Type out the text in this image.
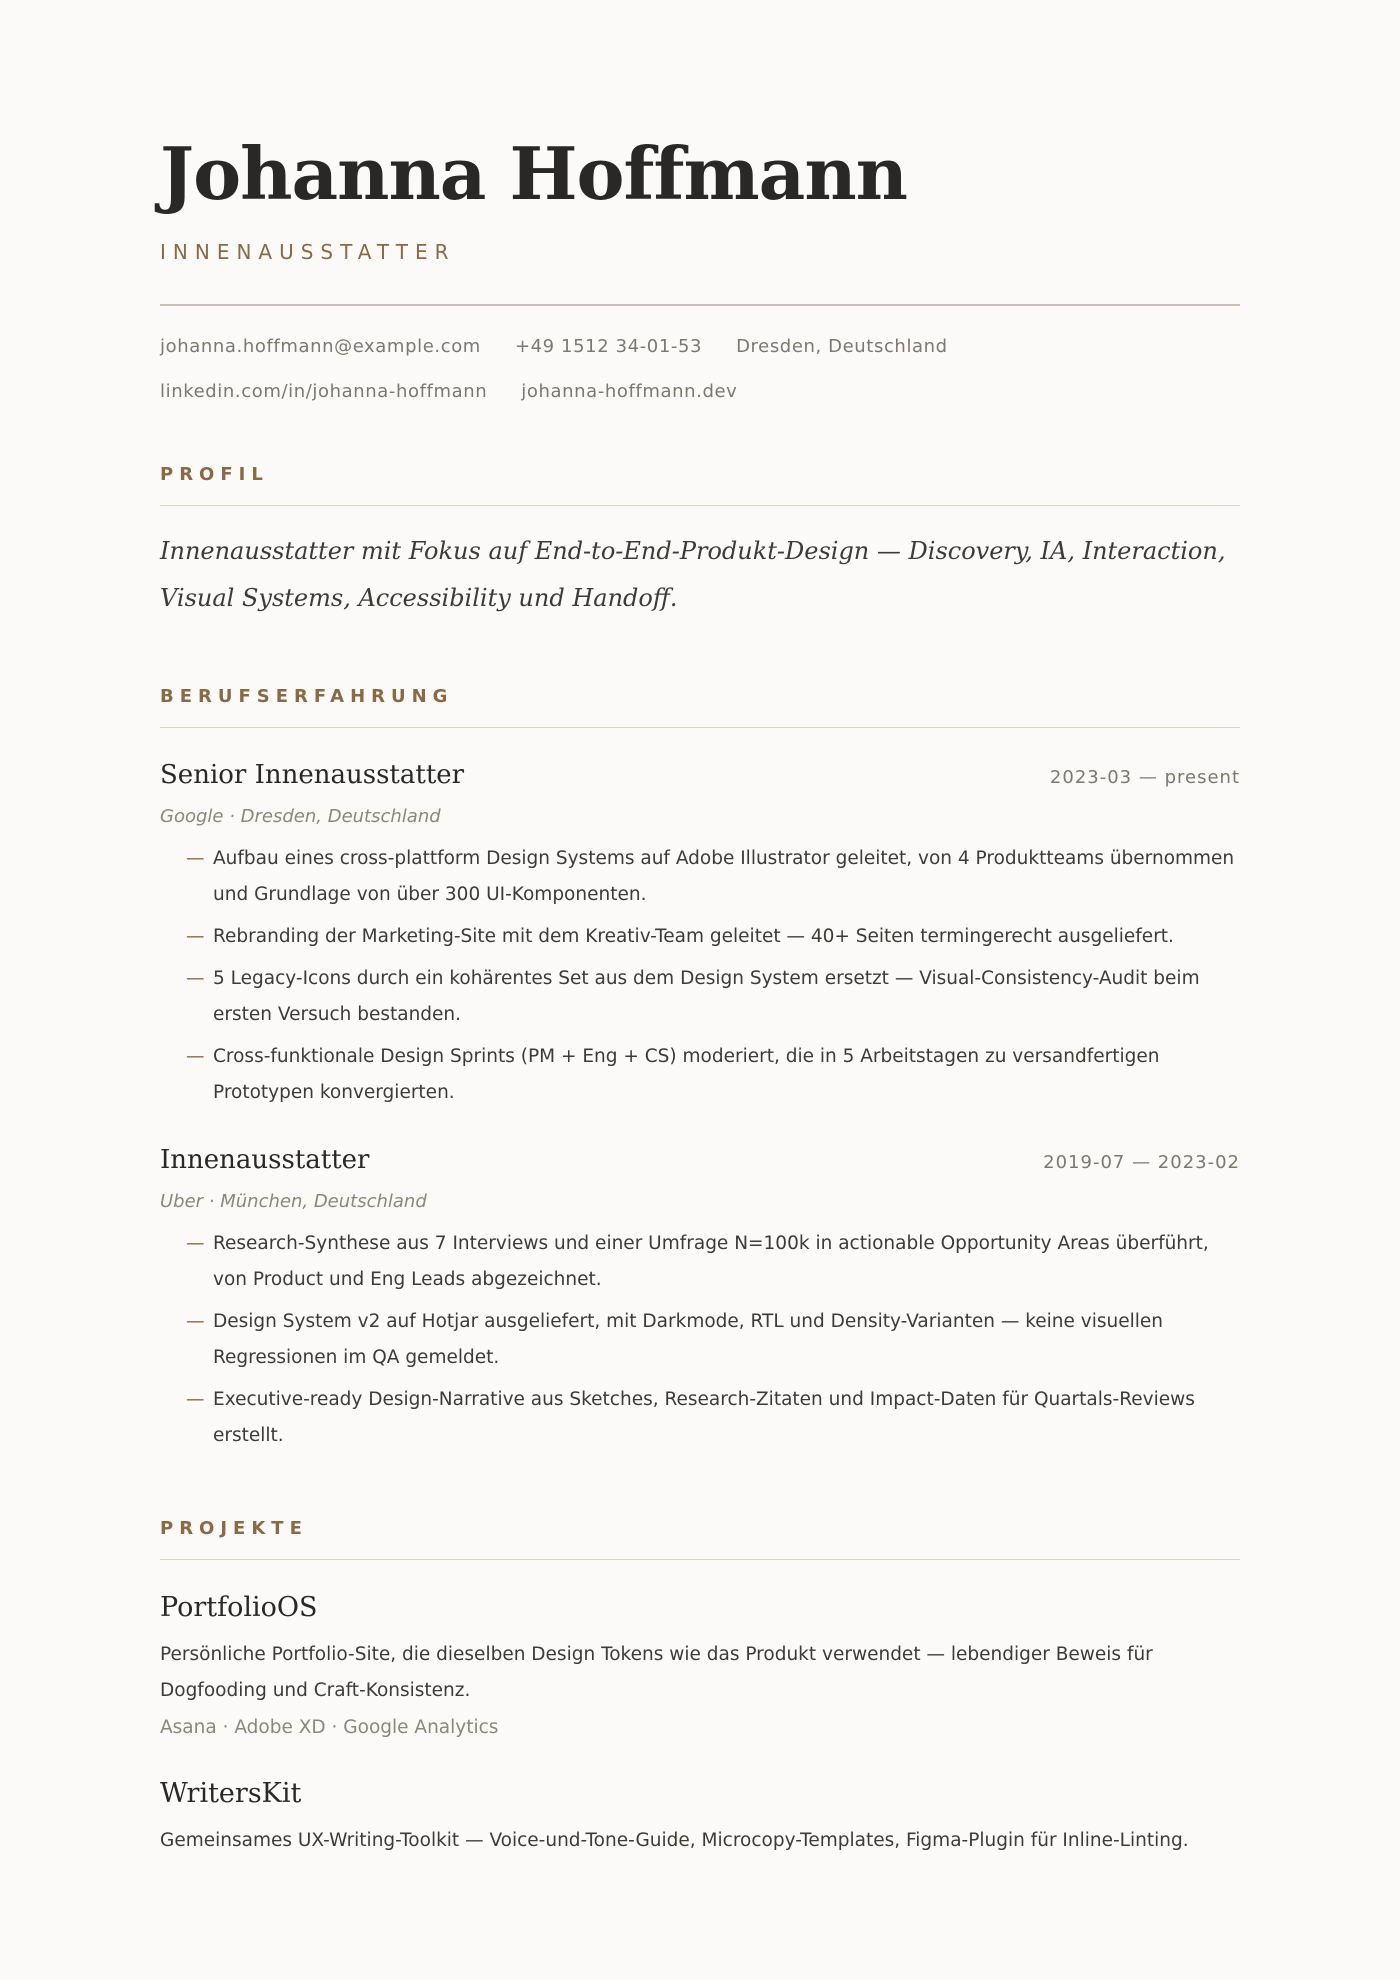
Johanna Hoffmann
INNENAUSSTATTER
johanna.hoffmann@example.com +49 1512 34-01-53 Dresden, Deutschland
linkedin.com/in/johanna-hoffmann johanna-hoffmann.dev
PROFIL
Innenausstatter mit Fokus auf End-to-End-Produkt-Design — Discovery, IA, Interaction, Visual Systems, Accessibility und Handoff.
BERUFSERFAHRUNG
Senior Innenausstatter	2023-03 — present
Google · Dresden, Deutschland
— Aufbau eines cross-plattform Design Systems auf Adobe Illustrator geleitet, von 4 Produktteams übernommen und Grundlage von über 300 UI-Komponenten.
— Rebranding der Marketing-Site mit dem Kreativ-Team geleitet — 40+ Seiten termingerecht ausgeliefert.
— 5 Legacy-Icons durch ein kohärentes Set aus dem Design System ersetzt — Visual-Consistency-Audit beim ersten Versuch bestanden.
— Cross-funktionale Design Sprints (PM + Eng + CS) moderiert, die in 5 Arbeitstagen zu versandfertigen Prototypen konvergierten.
Innenausstatter	2019-07 — 2023-02
Uber · München, Deutschland
— Research-Synthese aus 7 Interviews und einer Umfrage N=100k in actionable Opportunity Areas überführt, von Product und Eng Leads abgezeichnet.
— Design System v2 auf Hotjar ausgeliefert, mit Darkmode, RTL und Density-Varianten — keine visuellen Regressionen im QA gemeldet.
— Executive-ready Design-Narrative aus Sketches, Research-Zitaten und Impact-Daten für Quartals-Reviews erstellt.
PROJEKTE
PortfolioOS
Persönliche Portfolio-Site, die dieselben Design Tokens wie das Produkt verwendet — lebendiger Beweis für Dogfooding und Craft-Konsistenz.
Asana · Adobe XD · Google Analytics
WritersKit
Gemeinsames UX-Writing-Toolkit — Voice-und-Tone-Guide, Microcopy-Templates, Figma-Plugin für Inline-Linting.
